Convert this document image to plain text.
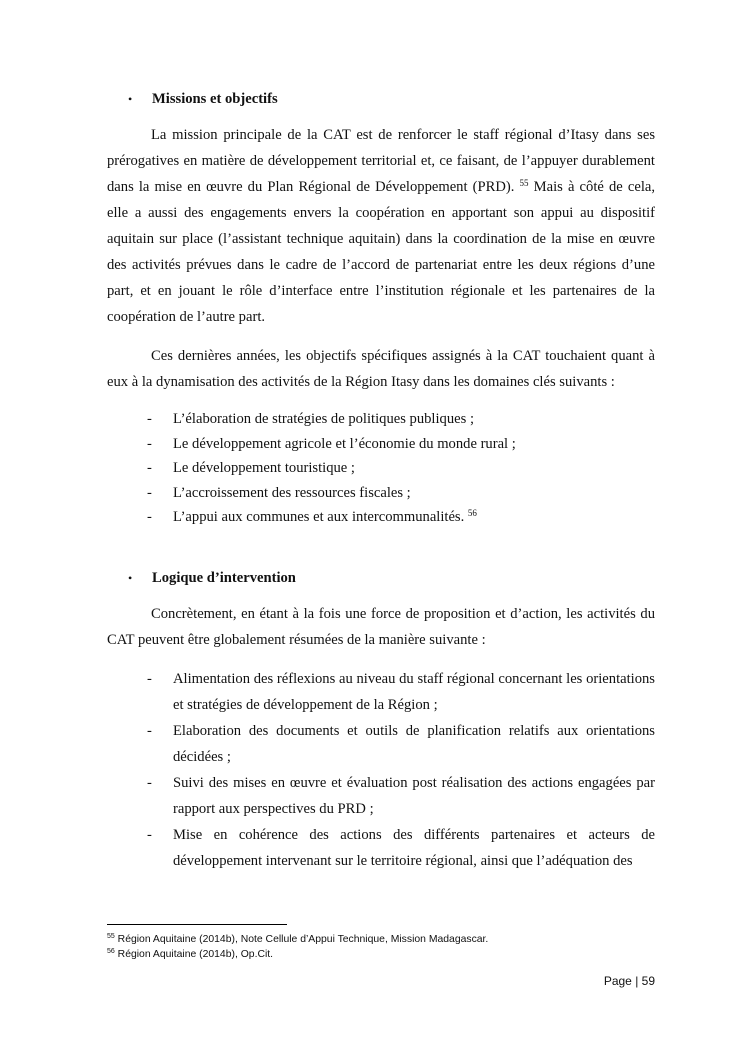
• Missions et objectifs

La mission principale de la CAT est de renforcer le staff régional d’Itasy dans ses prérogatives en matière de développement territorial et, ce faisant, de l’appuyer durablement dans la mise en œuvre du Plan Régional de Développement (PRD). $^{55}$ Mais à côté de cela, elle a aussi des engagements envers la coopération en apportant son appui au dispositif aquitain sur place (l’assistant technique aquitain) dans la coordination de la mise en œuvre des activités prévues dans le cadre de l’accord de partenariat entre les deux régions d’une part, et en jouant le rôle d’interface entre l’institution régionale et les partenaires de la coopération de l’autre part.

Ces dernières années, les objectifs spécifiques assignés à la CAT touchaient quant à eux à la dynamisation des activités de la Région Itasy dans les domaines clés suivants :

- L’élaboration de stratégies de politiques publiques ;
- Le développement agricole et l’économie du monde rural ;
- Le développement touristique ;
- L’accroissement des ressources fiscales ;
- L’appui aux communes et aux intercommunalités. $^{56}$
• Logique d’intervention

Concrètement, en étant à la fois une force de proposition et d’action, les activités du CAT peuvent être globalement résumées de la manière suivante :

- Alimentation des réflexions au niveau du staff régional concernant les orientations et stratégies de développement de la Région ;
- Elaboration des documents et outils de planification relatifs aux orientations décidées ;
- Suivi des mises en œuvre et évaluation post réalisation des actions engagées par rapport aux perspectives du PRD ;
- Mise en cohérence des actions des différents partenaires et acteurs de développement intervenant sur le territoire régional, ainsi que l’adéquation des
$^{55}$ Région Aquitaine (2014b), Note Cellule d’Appui Technique, Mission Madagascar.
$^{56}$ Région Aquitaine (2014b), Op.Cit.
Page | 59
